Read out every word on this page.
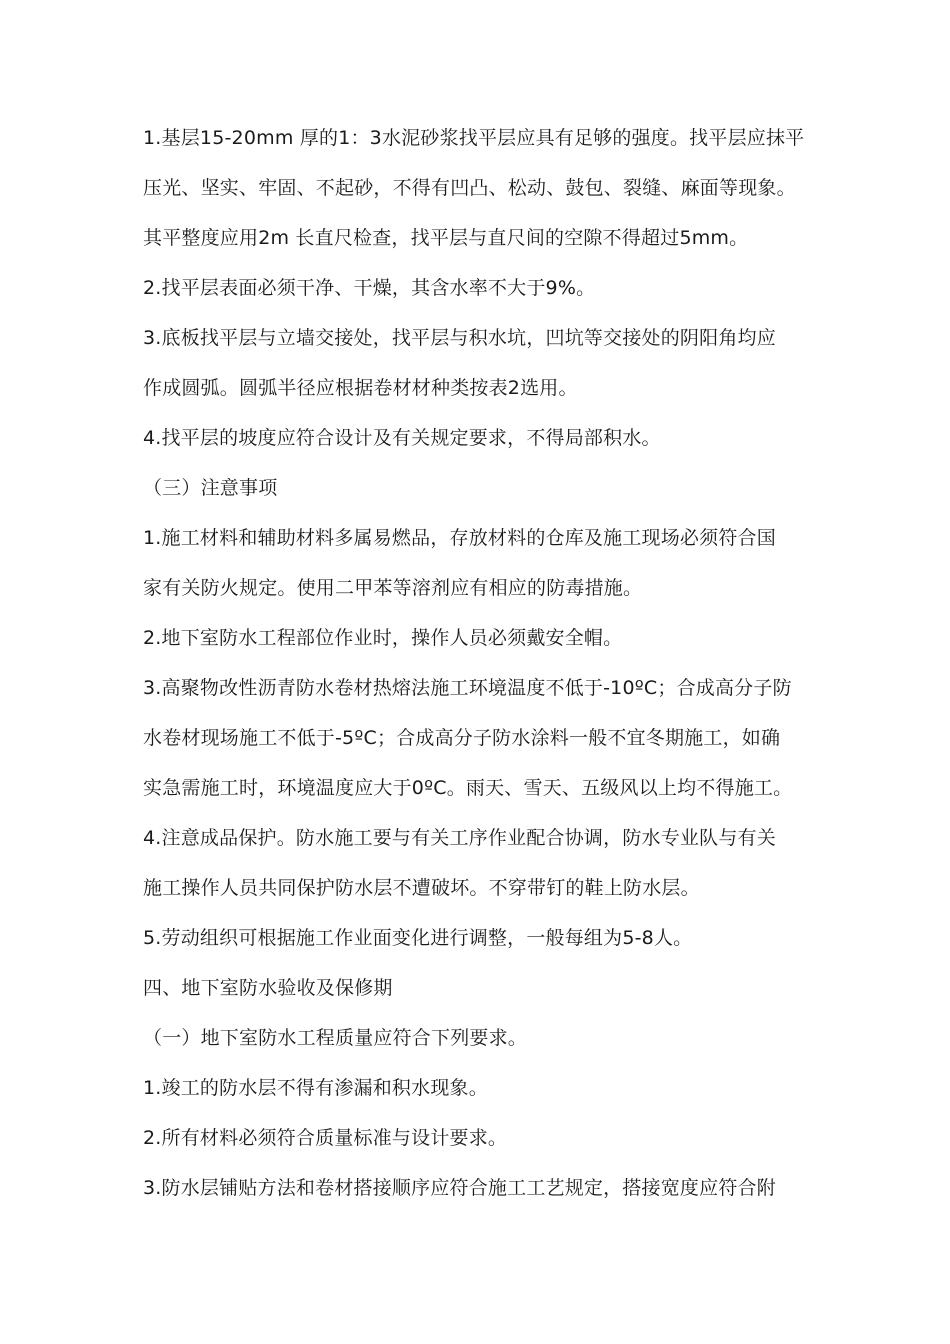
1.基层15-20mm 厚的1：3水泥砂浆找平层应具有足够的强度。找平层应抹平
压光、坚实、牢固、不起砂，不得有凹凸、松动、鼓包、裂缝、麻面等现象。
其平整度应用2m 长直尺检查，找平层与直尺间的空隙不得超过5mm。
2.找平层表面必须干净、干燥，其含水率不大于9%。
3.底板找平层与立墙交接处，找平层与积水坑，凹坑等交接处的阴阳角均应
作成圆弧。圆弧半径应根据卷材材种类按表2选用。
4.找平层的坡度应符合设计及有关规定要求，不得局部积水。
（三）注意事项
1.施工材料和辅助材料多属易燃品，存放材料的仓库及施工现场必须符合国
家有关防火规定。使用二甲苯等溶剂应有相应的防毒措施。
2.地下室防水工程部位作业时，操作人员必须戴安全帽。
3.高聚物改性沥青防水卷材热熔法施工环境温度不低于-10ºC；合成高分子防
水卷材现场施工不低于-5ºC；合成高分子防水涂料一般不宜冬期施工，如确
实急需施工时，环境温度应大于0ºC。雨天、雪天、五级风以上均不得施工。
4.注意成品保护。防水施工要与有关工序作业配合协调，防水专业队与有关
施工操作人员共同保护防水层不遭破坏。不穿带钉的鞋上防水层。
5.劳动组织可根据施工作业面变化进行调整，一般每组为5-8人。
四、地下室防水验收及保修期
（一）地下室防水工程质量应符合下列要求。
1.竣工的防水层不得有渗漏和积水现象。
2.所有材料必须符合质量标准与设计要求。
3.防水层铺贴方法和卷材搭接顺序应符合施工工艺规定，搭接宽度应符合附
